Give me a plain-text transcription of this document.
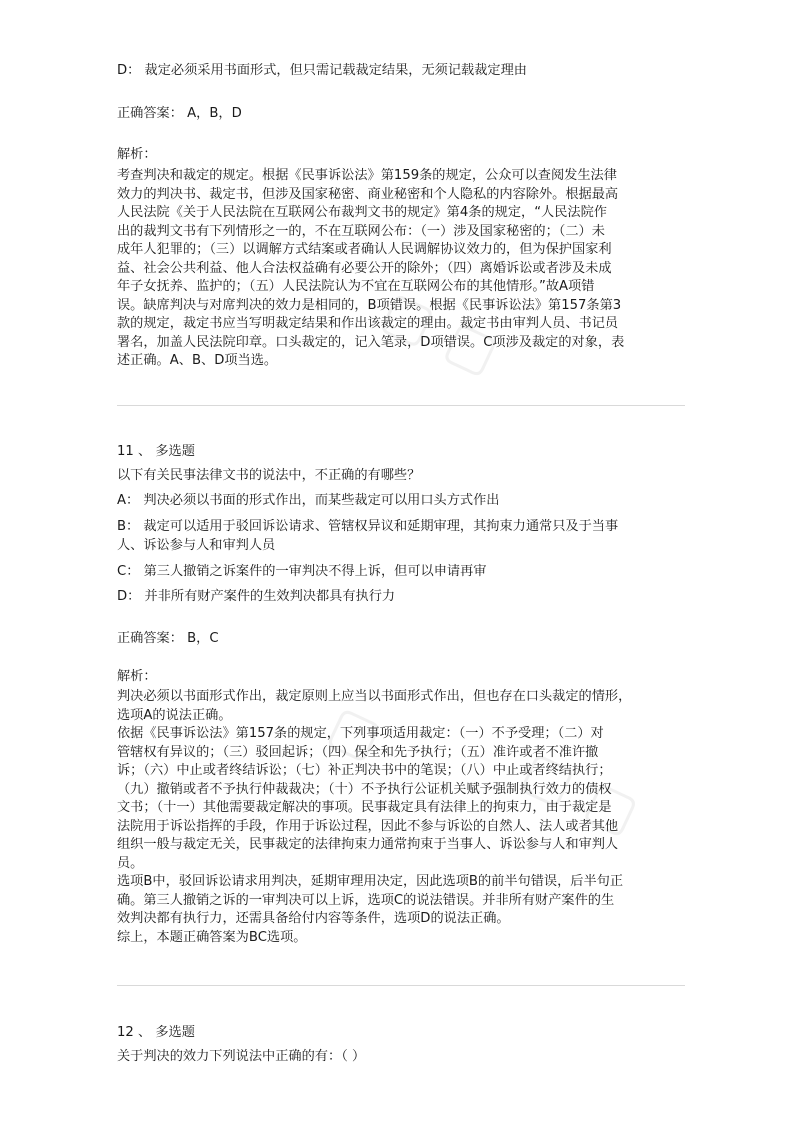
▢ ▢
▢ ▢
▢
D： 裁定必须采用书面形式，但只需记载裁定结果，无须记载裁定理由
正确答案： A，B，D
解析：
考查判决和裁定的规定。根据《民事诉讼法》第159条的规定，公众可以查阅发生法律
效力的判决书、裁定书，但涉及国家秘密、商业秘密和个人隐私的内容除外。根据最高
人民法院《关于人民法院在互联网公布裁判文书的规定》第4条的规定，“人民法院作
出的裁判文书有下列情形之一的，不在互联网公布：（一）涉及国家秘密的；（二）未
成年人犯罪的；（三）以调解方式结案或者确认人民调解协议效力的，但为保护国家利
益、社会公共利益、他人合法权益确有必要公开的除外；（四）离婚诉讼或者涉及未成
年子女抚养、监护的；（五）人民法院认为不宜在互联网公布的其他情形。”故A项错
误。缺席判决与对席判决的效力是相同的，B项错误。根据《民事诉讼法》第157条第3
款的规定，裁定书应当写明裁定结果和作出该裁定的理由。裁定书由审判人员、书记员
署名，加盖人民法院印章。口头裁定的，记入笔录，D项错误。C项涉及裁定的对象，表
述正确。A、B、D项当选。
11 、 多选题
以下有关民事法律文书的说法中，不正确的有哪些？
A： 判决必须以书面的形式作出，而某些裁定可以用口头方式作出
B： 裁定可以适用于驳回诉讼请求、管辖权异议和延期审理，其拘束力通常只及于当事
人、诉讼参与人和审判人员
C： 第三人撤销之诉案件的一审判决不得上诉，但可以申请再审
D： 并非所有财产案件的生效判决都具有执行力
正确答案： B，C
解析：
判决必须以书面形式作出，裁定原则上应当以书面形式作出，但也存在口头裁定的情形，
选项A的说法正确。
依据《民事诉讼法》第157条的规定，下列事项适用裁定：（一）不予受理；（二）对
管辖权有异议的；（三）驳回起诉；（四）保全和先予执行；（五）准许或者不准许撤
诉；（六）中止或者终结诉讼；（七）补正判决书中的笔误；（八）中止或者终结执行；
（九）撤销或者不予执行仲裁裁决；（十）不予执行公证机关赋予强制执行效力的债权
文书；（十一）其他需要裁定解决的事项。民事裁定具有法律上的拘束力，由于裁定是
法院用于诉讼指挥的手段，作用于诉讼过程，因此不参与诉讼的自然人、法人或者其他
组织一般与裁定无关，民事裁定的法律拘束力通常拘束于当事人、诉讼参与人和审判人
员。
选项B中，驳回诉讼请求用判决，延期审理用决定，因此选项B的前半句错误，后半句正
确。第三人撤销之诉的一审判决可以上诉，选项C的说法错误。并非所有财产案件的生
效判决都有执行力，还需具备给付内容等条件，选项D的说法正确。
综上，本题正确答案为BC选项。
12 、 多选题
关于判决的效力下列说法中正确的有：（ ）
